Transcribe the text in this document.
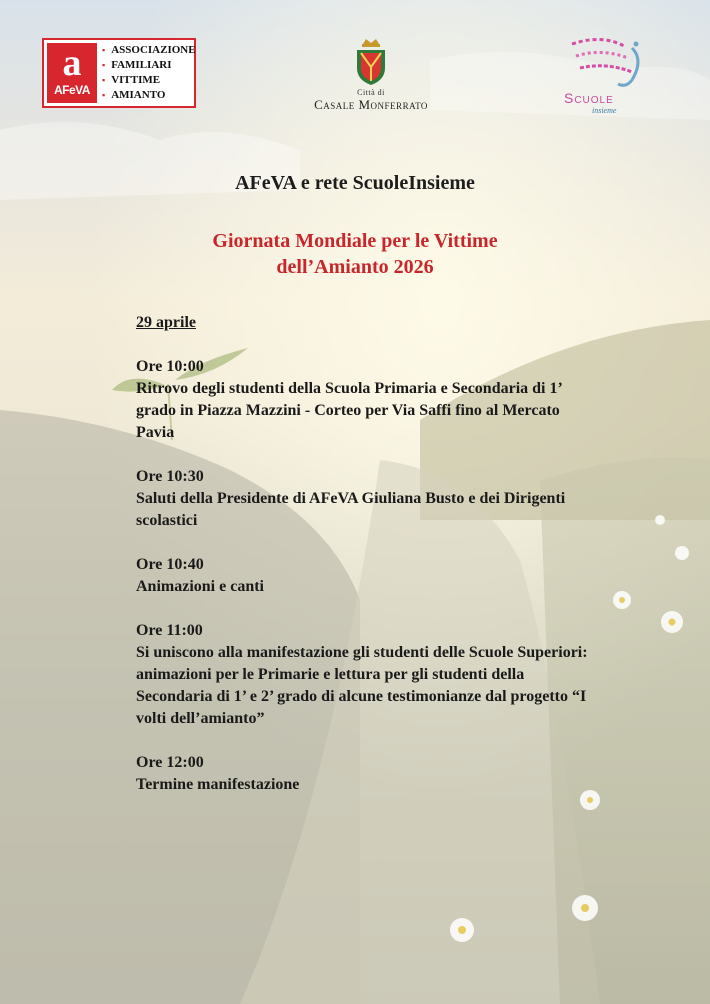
a
AFeVA
▪ ASSOCIAZIONE
▪ FAMILIARI
▪ VITTIME
▪ AMIANTO	Città di
Casale Monferrato	Scuole
insieme
AFeVA e rete ScuoleInsieme
Giornata Mondiale per le Vittime
dell’Amianto 2026
29 aprile
Ore 10:00
Ritrovo degli studenti della Scuola Primaria e Secondaria di 1’ grado in Piazza Mazzini - Corteo per Via Saffi fino al Mercato Pavia
Ore 10:30
Saluti della Presidente di AFeVA Giuliana Busto e dei Dirigenti scolastici
Ore 10:40
Animazioni e canti
Ore 11:00
Si uniscono alla manifestazione gli studenti delle Scuole Superiori: animazioni per le Primarie e lettura per gli studenti della Secondaria di 1’ e 2’ grado di alcune testimonianze dal progetto “I volti dell’amianto”
Ore 12:00
Termine manifestazione
